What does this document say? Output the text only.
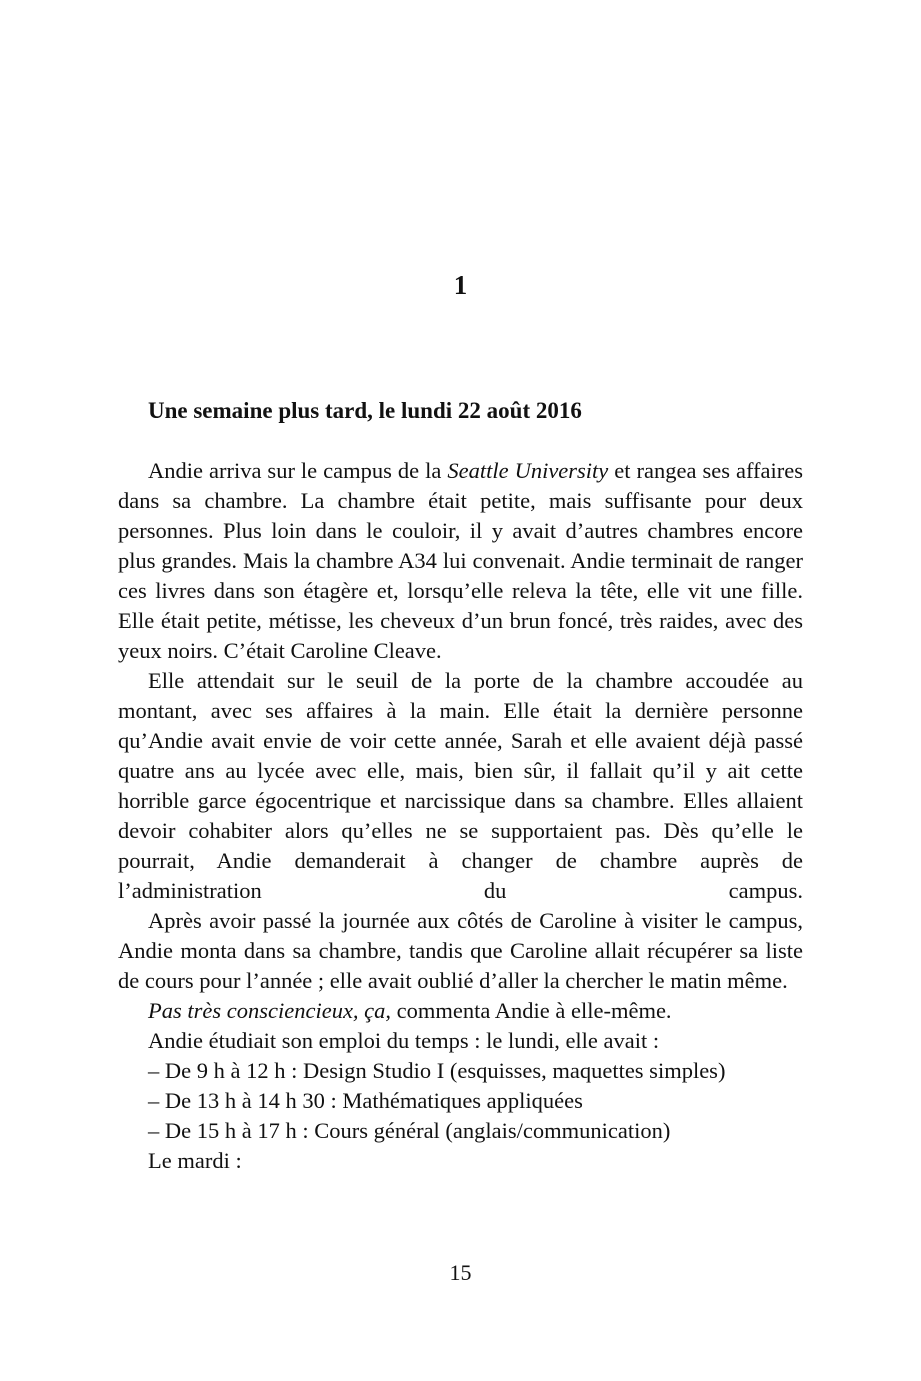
1
Une semaine plus tard, le lundi 22 août 2016

Andie arriva sur le campus de la Seattle University et rangea ses affaires dans sa chambre. La chambre était petite, mais suffisante pour deux personnes. Plus loin dans le couloir, il y avait d’autres chambres encore plus grandes. Mais la chambre A34 lui convenait. Andie terminait de ranger ces livres dans son étagère et, lorsqu’elle releva la tête, elle vit une fille. Elle était petite, métisse, les cheveux d’un brun foncé, très raides, avec des yeux noirs. C’était Caroline Cleave.

Elle attendait sur le seuil de la porte de la chambre accoudée au montant, avec ses affaires à la main. Elle était la dernière personne qu’Andie avait envie de voir cette année, Sarah et elle avaient déjà passé quatre ans au lycée avec elle, mais, bien sûr, il fallait qu’il y ait cette horrible garce égocentrique et narcissique dans sa chambre. Elles allaient devoir cohabiter alors qu’elles ne se supportaient pas. Dès qu’elle le pourrait, Andie demanderait à changer de chambre auprès de l’administration du campus.

Après avoir passé la journée aux côtés de Caroline à visiter le campus, Andie monta dans sa chambre, tandis que Caroline allait récupérer sa liste de cours pour l’année ; elle avait oublié d’aller la chercher le matin même.

Pas très consciencieux, ça, commenta Andie à elle-même.

Andie étudiait son emploi du temps : le lundi, elle avait :

– De 9 h à 12 h : Design Studio I (esquisses, maquettes simples)

– De 13 h à 14 h 30 : Mathématiques appliquées

– De 15 h à 17 h : Cours général (anglais/communication)

Le mardi :

15
